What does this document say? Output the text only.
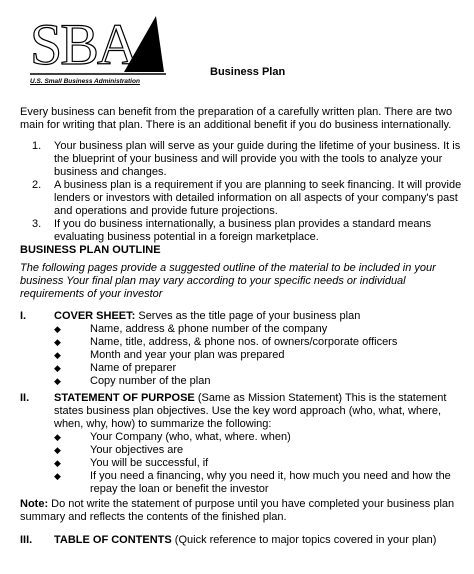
SBA
U.S. Small Business Administration
Business Plan
Every business can benefit from the preparation of a carefully written plan. There are two main for writing that plan. There is an additional benefit if you do business internationally.
1. Your business plan will serve as your guide during the lifetime of your business. It is the blueprint of your business and will provide you with the tools to analyze your business and changes.
2. A business plan is a requirement if you are planning to seek financing. It will provide lenders or investors with detailed information on all aspects of your company's past and operations and provide future projections.
3. If you do business internationally, a business plan provides a standard means evaluating business potential in a foreign marketplace.
BUSINESS PLAN OUTLINE
The following pages provide a suggested outline of the material to be included in your business Your final plan may vary according to your specific needs or individual requirements of your investor
I.	COVER SHEET: Serves as the title page of your business plan
◆	Name, address & phone number of the company
◆	Name, title, address, & phone nos. of owners/corporate officers
◆	Month and year your plan was prepared
◆	Name of preparer
◆	Copy number of the plan
II. STATEMENT OF PURPOSE (Same as Mission Statement) This is the statement states business plan objectives. Use the key word approach (who, what, where, when, why, how) to summarize the following:
◆	Your Company (who, what, where. when)
◆	Your objectives are
◆	You will be successful, if
◆	If you need a financing, why you need it, how much you need and how the repay the loan or benefit the investor
Note: Do not write the statement of purpose until you have completed your business plan summary and reflects the contents of the finished plan.
III. TABLE OF CONTENTS (Quick reference to major topics covered in your plan)
